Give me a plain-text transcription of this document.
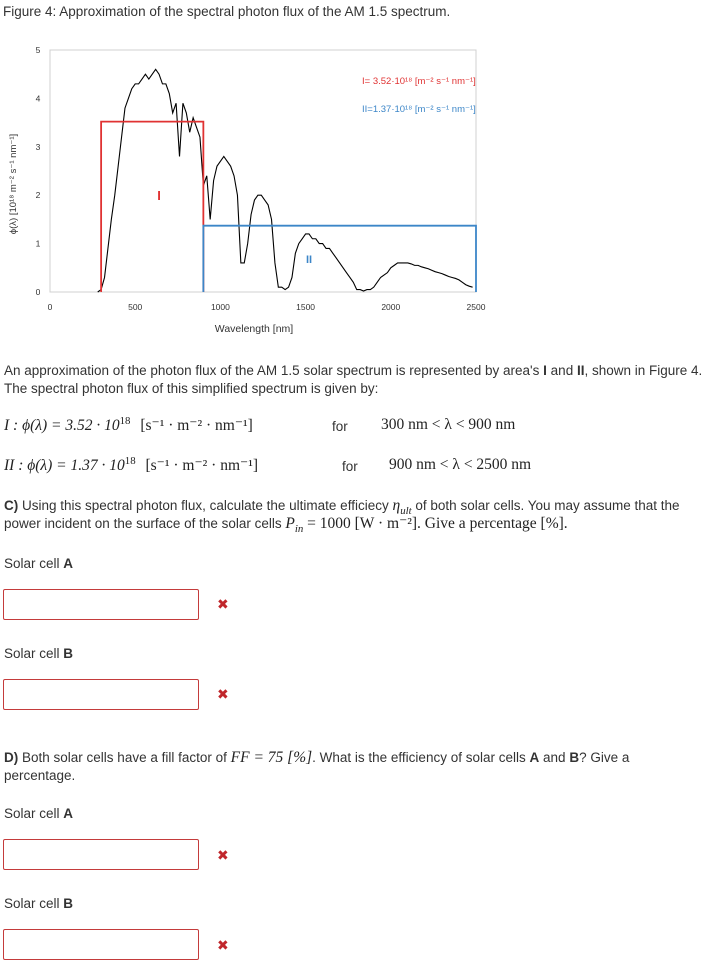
Figure 4: Approximation of the spectral photon flux of the AM 1.5 spectrum.
0	500	1000	1500	2000	2500
0
1
2
3
4
5
I= 3.52·10¹⁸ [m⁻² s⁻¹ nm⁻¹]
II=1.37·10¹⁸ [m⁻² s⁻¹ nm⁻¹]
I
II
ϕ(λ) [10¹⁸ m⁻² s⁻¹ nm⁻¹]
Wavelength [nm]
An approximation of the photon flux of the AM 1.5 solar spectrum is represented by area's I and II, shown in Figure 4. The spectral photon flux of this simplified spectrum is given by:
I : $\phi(\lambda) = 3.52 \cdot 10^{18}$ [s⁻¹ · m⁻² · nm⁻¹]	for 300 nm < λ < 900 nm
II : $\phi(\lambda) = 1.37 \cdot 10^{18}$ [s⁻¹ · m⁻² · nm⁻¹]	for 900 nm < λ < 2500 nm
C) Using this spectral photon flux, calculate the ultimate efficiecy $\eta_{ult}$ of both solar cells. You may assume that the power incident on the surface of the solar cells $P_{in} = 1000$ [W · m⁻²]. Give a percentage [%].
Solar cell A
✖
Solar cell B
✖
D) Both solar cells have a fill factor of FF = 75 [%]. What is the efficiency of solar cells A and B? Give a percentage.
Solar cell A
✖
Solar cell B
✖
